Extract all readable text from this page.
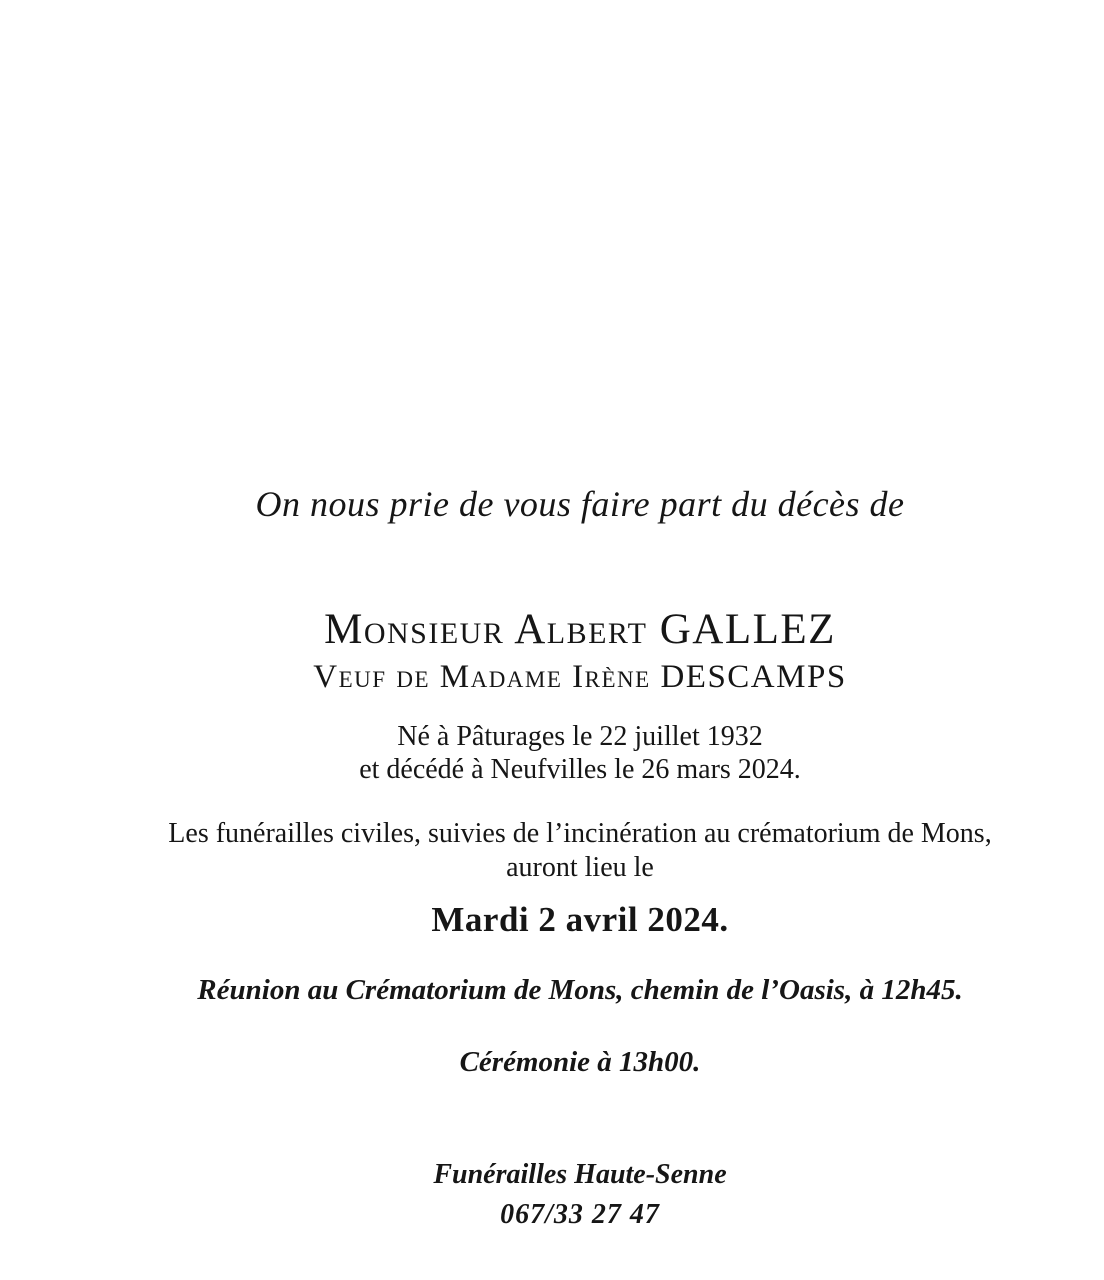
On nous prie de vous faire part du décès de
Monsieur Albert GALLEZ
Veuf de Madame Irène DESCAMPS
Né à Pâturages le 22 juillet 1932
et décédé à Neufvilles le 26 mars 2024.
Les funérailles civiles, suivies de l’incinération au crématorium de Mons,
auront lieu le
Mardi 2 avril 2024.
Réunion au Crématorium de Mons, chemin de l’Oasis, à 12h45.
Cérémonie à 13h00.
Funérailles Haute-Senne
067/33 27 47
